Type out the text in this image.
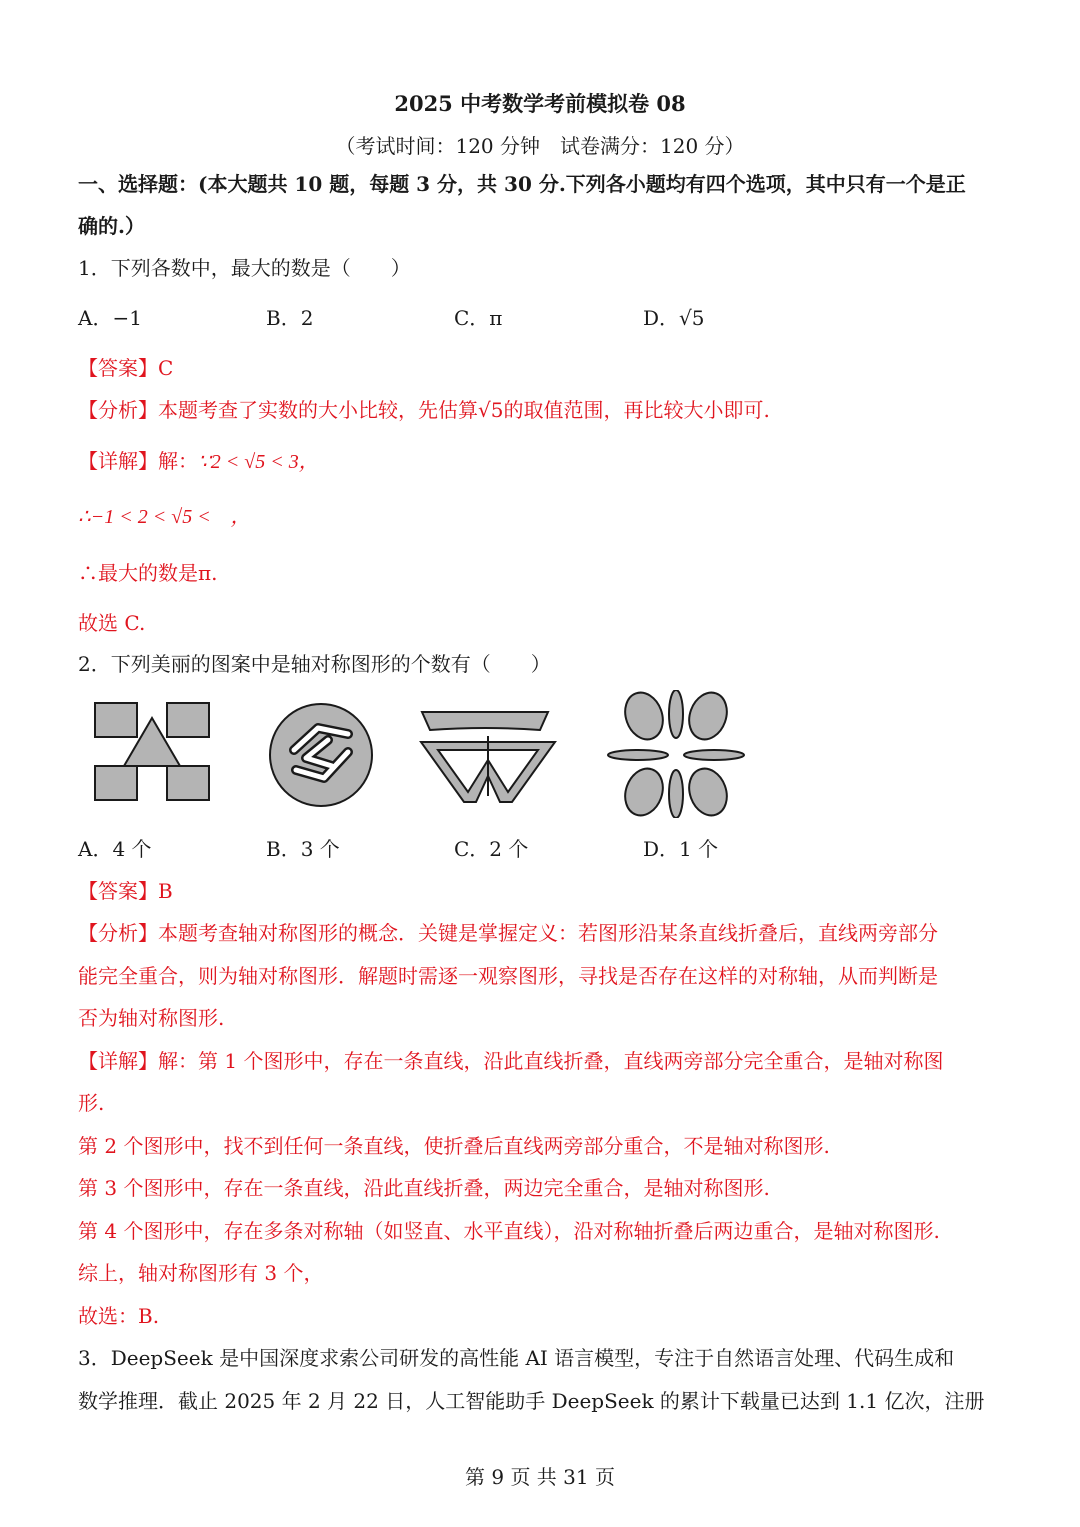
2025 中考数学考前模拟卷 08
（考试时间：120 分钟　试卷满分：120 分）
一、选择题：(本大题共 10 题，每题 3 分，共 30 分.下列各小题均有四个选项，其中只有一个是正
确的.）
1．下列各数中，最大的数是（　　）
A．−1	B．2	C．π	D．√5
【答案】C
【分析】本题考查了实数的大小比较，先估算√5的取值范围，再比较大小即可.
【详解】解：∵2 < √5 < 3，
∴−1 < 2 < √5 <　，
∴最大的数是π.
故选 C.
2．下列美丽的图案中是轴对称图形的个数有（　　）
A．4 个	B．3 个	C．2 个	D．1 个
【答案】B
【分析】本题考查轴对称图形的概念．关键是掌握定义：若图形沿某条直线折叠后，直线两旁部分
能完全重合，则为轴对称图形．解题时需逐一观察图形，寻找是否存在这样的对称轴，从而判断是
否为轴对称图形.
【详解】解：第 1 个图形中，存在一条直线，沿此直线折叠，直线两旁部分完全重合，是轴对称图
形.
第 2 个图形中，找不到任何一条直线，使折叠后直线两旁部分重合，不是轴对称图形.
第 3 个图形中，存在一条直线，沿此直线折叠，两边完全重合，是轴对称图形.
第 4 个图形中，存在多条对称轴（如竖直、水平直线），沿对称轴折叠后两边重合，是轴对称图形.
综上，轴对称图形有 3 个，
故选：B.
3．DeepSeek 是中国深度求索公司研发的高性能 AI 语言模型，专注于自然语言处理、代码生成和
数学推理．截止 2025 年 2 月 22 日，人工智能助手 DeepSeek 的累计下载量已达到 1.1 亿次，注册
第 9 页 共 31 页
